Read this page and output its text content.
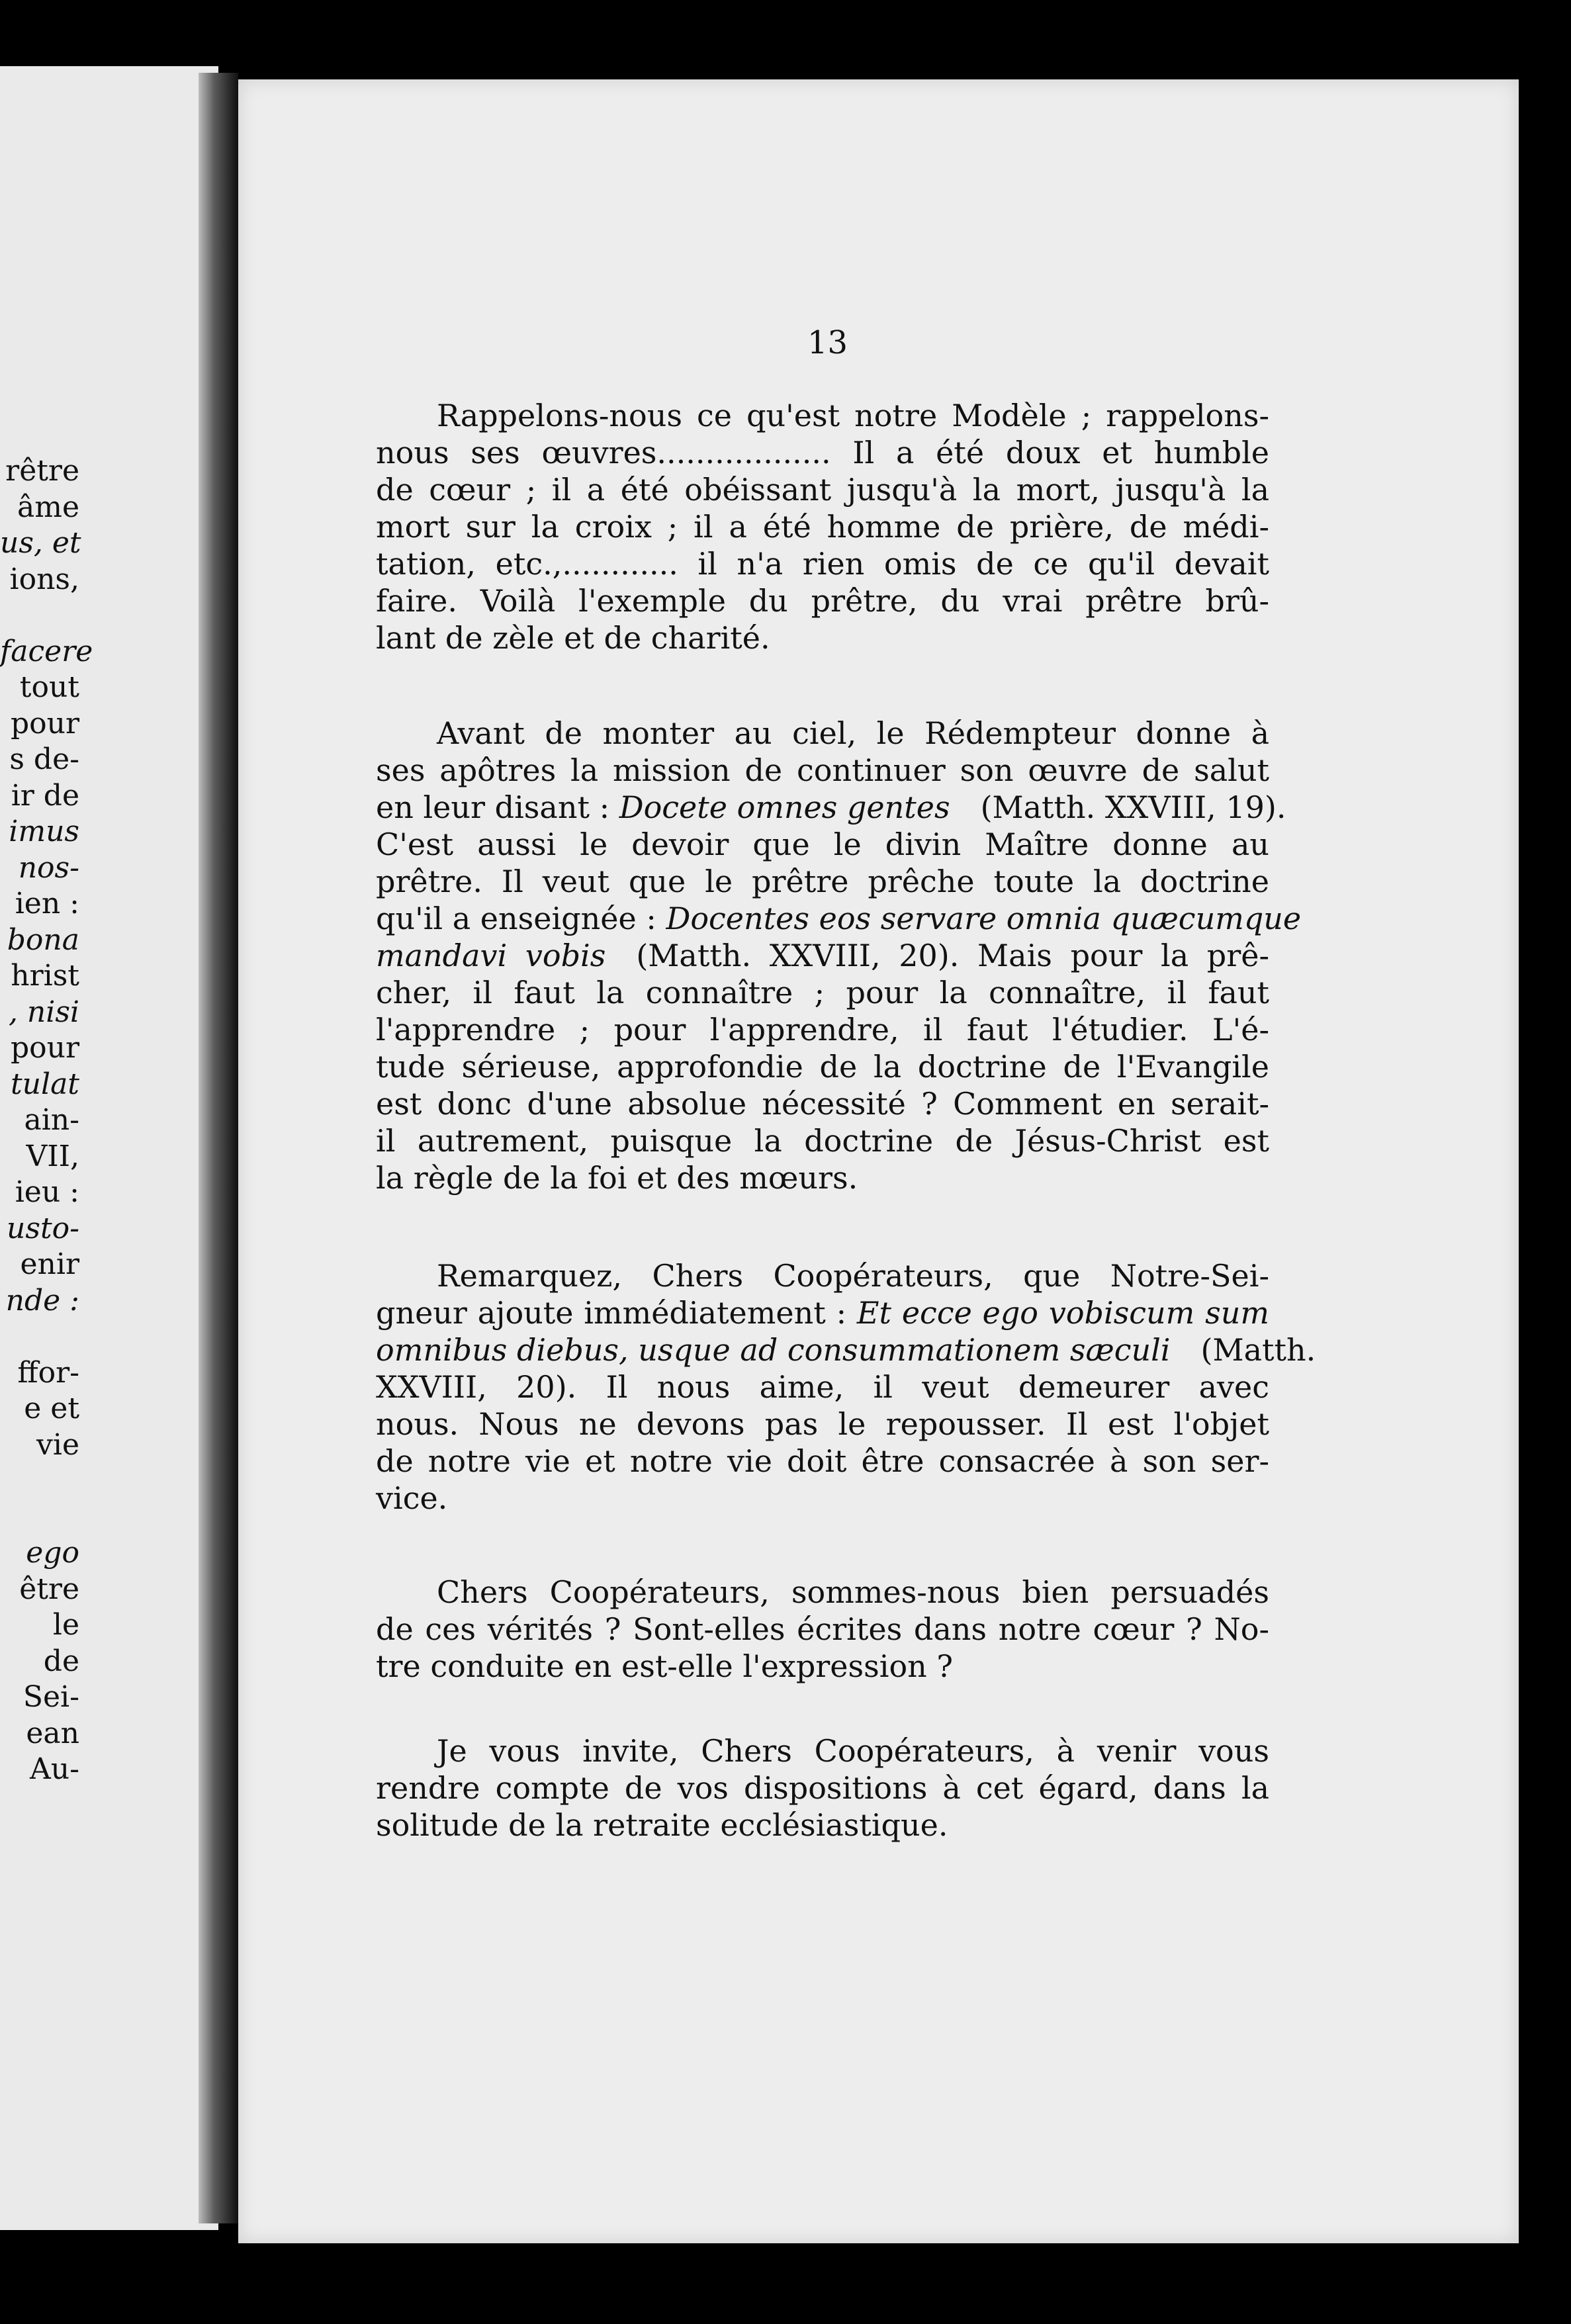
rêtre
âme
us, et
ions,
facere
tout
pour
s de-
ir de
imus
nos-
ien :
bona
hrist
, nisi
pour
tulat
ain-
VII,
ieu :
usto-
enir
nde :
ffor-
e et
vie
ego
être
le
de
Sei-
ean
Au-
13
  Rappelons-nous ce qu'est notre Modèle ; rappelons-
nous ses œuvres.................. Il a été doux et humble
de cœur ; il a été obéissant jusqu'à la mort, jusqu'à la
mort sur la croix ; il a été homme de prière, de médi-
tation, etc.,............ il n'a rien omis de ce qu'il devait
faire. Voilà l'exemple du prêtre, du vrai prêtre brû-
lant de zèle et de charité.
  Avant de monter au ciel, le Rédempteur donne à
ses apôtres la mission de continuer son œuvre de salut
en leur disant : Docete omnes gentes (Matth. XXVIII, 19).
C'est aussi le devoir que le divin Maître donne au
prêtre. Il veut que le prêtre prêche toute la doctrine
qu'il a enseignée : Docentes eos servare omnia quæcumque
mandavi vobis (Matth. XXVIII, 20). Mais pour la prê-
cher, il faut la connaître ; pour la connaître, il faut
l'apprendre ; pour l'apprendre, il faut l'étudier. L'é-
tude sérieuse, approfondie de la doctrine de l'Evangile
est donc d'une absolue nécessité ? Comment en serait-
il autrement, puisque la doctrine de Jésus-Christ est
la règle de la foi et des mœurs.
  Remarquez, Chers Coopérateurs, que Notre-Sei-
gneur ajoute immédiatement : Et ecce ego vobiscum sum
omnibus diebus, usque ad consummationem sæculi (Matth.
XXVIII, 20). Il nous aime, il veut demeurer avec
nous. Nous ne devons pas le repousser. Il est l'objet
de notre vie et notre vie doit être consacrée à son ser-
vice.
  Chers Coopérateurs, sommes-nous bien persuadés
de ces vérités ? Sont-elles écrites dans notre cœur ? No-
tre conduite en est-elle l'expression ?
  Je vous invite, Chers Coopérateurs, à venir vous
rendre compte de vos dispositions à cet égard, dans la
solitude de la retraite ecclésiastique.
